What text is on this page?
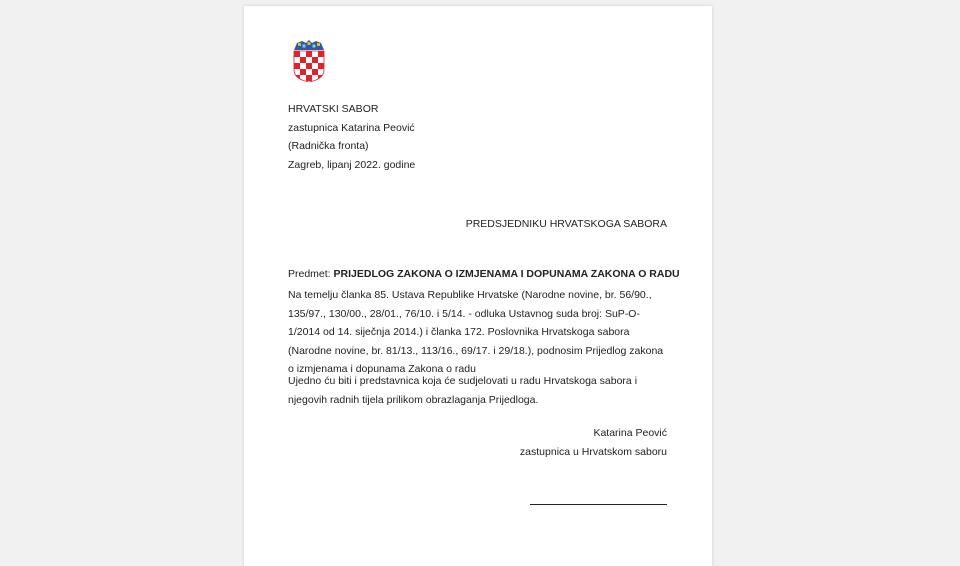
HRVATSKI SABOR
zastupnica Katarina Peović
(Radnička fronta)
Zagreb, lipanj 2022. godine
PREDSJEDNIKU HRVATSKOGA SABORA
Predmet: PRIJEDLOG ZAKONA O IZMJENAMA I DOPUNAMA ZAKONA O RADU
Na temelju članka 85. Ustava Republike Hrvatske (Narodne novine, br. 56/90., 135/97., 130/00., 28/01., 76/10. i 5/14. - odluka Ustavnog suda broj: SuP-O-1/2014 od 14. siječnja 2014.) i članka 172. Poslovnika Hrvatskoga sabora (Narodne novine, br. 81/13., 113/16., 69/17. i 29/18.), podnosim Prijedlog zakona o izmjenama i dopunama Zakona o radu
Ujedno ću biti i predstavnica koja će sudjelovati u radu Hrvatskoga sabora i njegovih radnih tijela prilikom obrazlaganja Prijedloga.
Katarina Peović
zastupnica u Hrvatskom saboru
